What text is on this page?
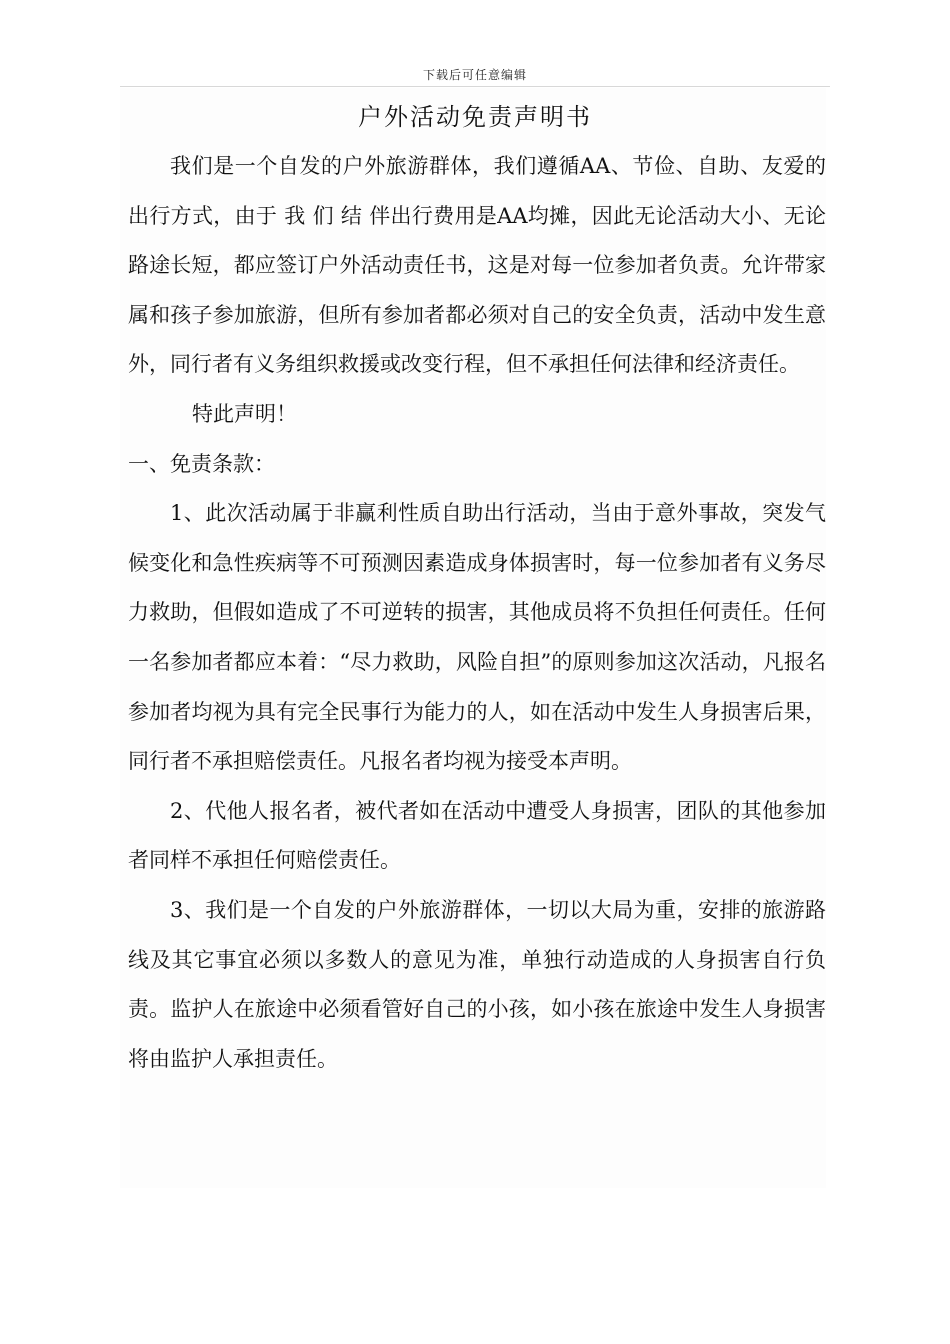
下载后可任意编辑
户外活动免责声明书

我们是一个自发的户外旅游群体，我们遵循AA、节俭、自助、友爱的出行方式，由于 我 们 结 伴出行费用是AA均摊，因此无论活动大小、无论路途长短，都应签订户外活动责任书，这是对每一位参加者负责。允许带家属和孩子参加旅游，但所有参加者都必须对自己的安全负责，活动中发生意外，同行者有义务组织救援或改变行程，但不承担任何法律和经济责任。

特此声明！

一、免责条款：

1、此次活动属于非赢利性质自助出行活动，当由于意外事故，突发气候变化和急性疾病等不可预测因素造成身体损害时，每一位参加者有义务尽力救助，但假如造成了不可逆转的损害，其他成员将不负担任何责任。任何一名参加者都应本着：“尽力救助，风险自担”的原则参加这次活动，凡报名参加者均视为具有完全民事行为能力的人，如在活动中发生人身损害后果，同行者不承担赔偿责任。凡报名者均视为接受本声明。

2、代他人报名者，被代者如在活动中遭受人身损害，团队的其他参加者同样不承担任何赔偿责任。

3、我们是一个自发的户外旅游群体，一切以大局为重，安排的旅游路线及其它事宜必须以多数人的意见为准，单独行动造成的人身损害自行负责。监护人在旅途中必须看管好自己的小孩，如小孩在旅途中发生人身损害将由监护人承担责任。
